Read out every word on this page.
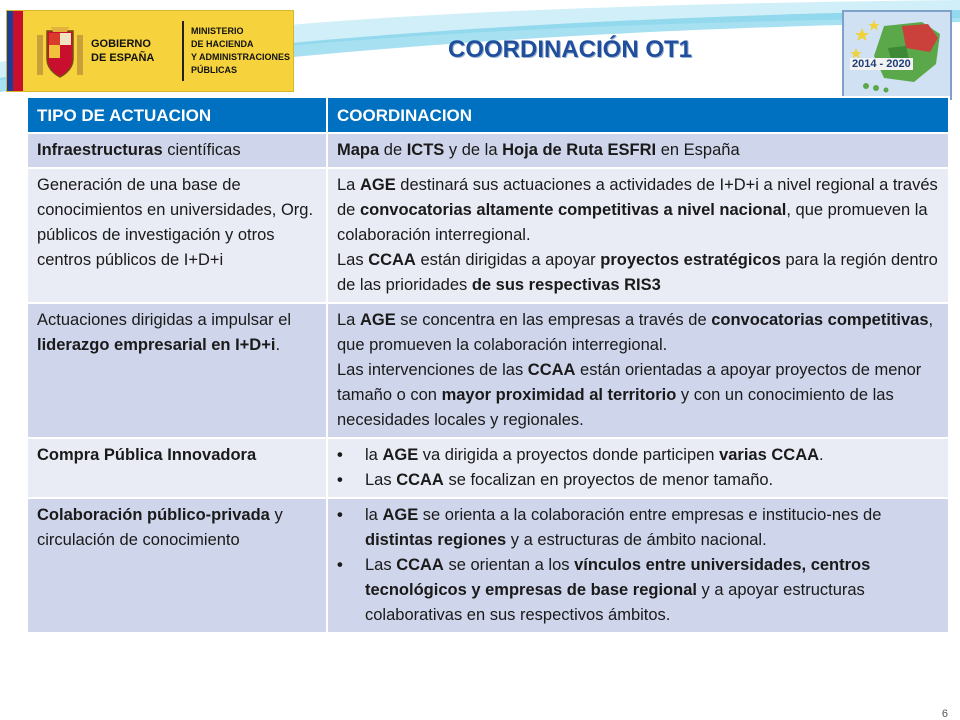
GOBIERNO
DE ESPAÑA
MINISTERIO
DE HACIENDA
Y ADMINISTRACIONES
PÚBLICAS
COORDINACIÓN OT1
2014 - 2020
TIPO DE ACTUACION	COORDINACION
Infraestructuras científicas	Mapa de ICTS y de la Hoja de Ruta ESFRI en España
Generación de una base de conocimientos en universidades, Org. públicos de investigación y otros centros públicos de I+D+i	La AGE destinará sus actuaciones a actividades de I+D+i a nivel regional a través de convocatorias altamente competitivas a nivel nacional, que promueven la colaboración interregional.
Las CCAA están dirigidas a apoyar proyectos estratégicos para la región dentro de las prioridades de sus respectivas RIS3

Actuaciones dirigidas a impulsar el liderazgo empresarial en I+D+i.	La AGE se concentra en las empresas a través de convocatorias competitivas, que promueven la colaboración interregional.
Las intervenciones de las CCAA están orientadas a apoyar proyectos de menor tamaño o con mayor proximidad al territorio y con un conocimiento de las necesidades locales y regionales.

Compra Pública Innovadora	• la AGE va dirigida a proyectos donde participen varias CCAA.
• Las CCAA se focalizan en proyectos de menor tamaño.

Colaboración público-privada y circulación de conocimiento	• la AGE se orienta a la colaboración entre empresas e institucio-nes de distintas regiones y a estructuras de ámbito nacional.
• Las CCAA se orientan a los vínculos entre universidades, centros tecnológicos y empresas de base regional y a apoyar estructuras colaborativas en sus respectivos ámbitos.
6
